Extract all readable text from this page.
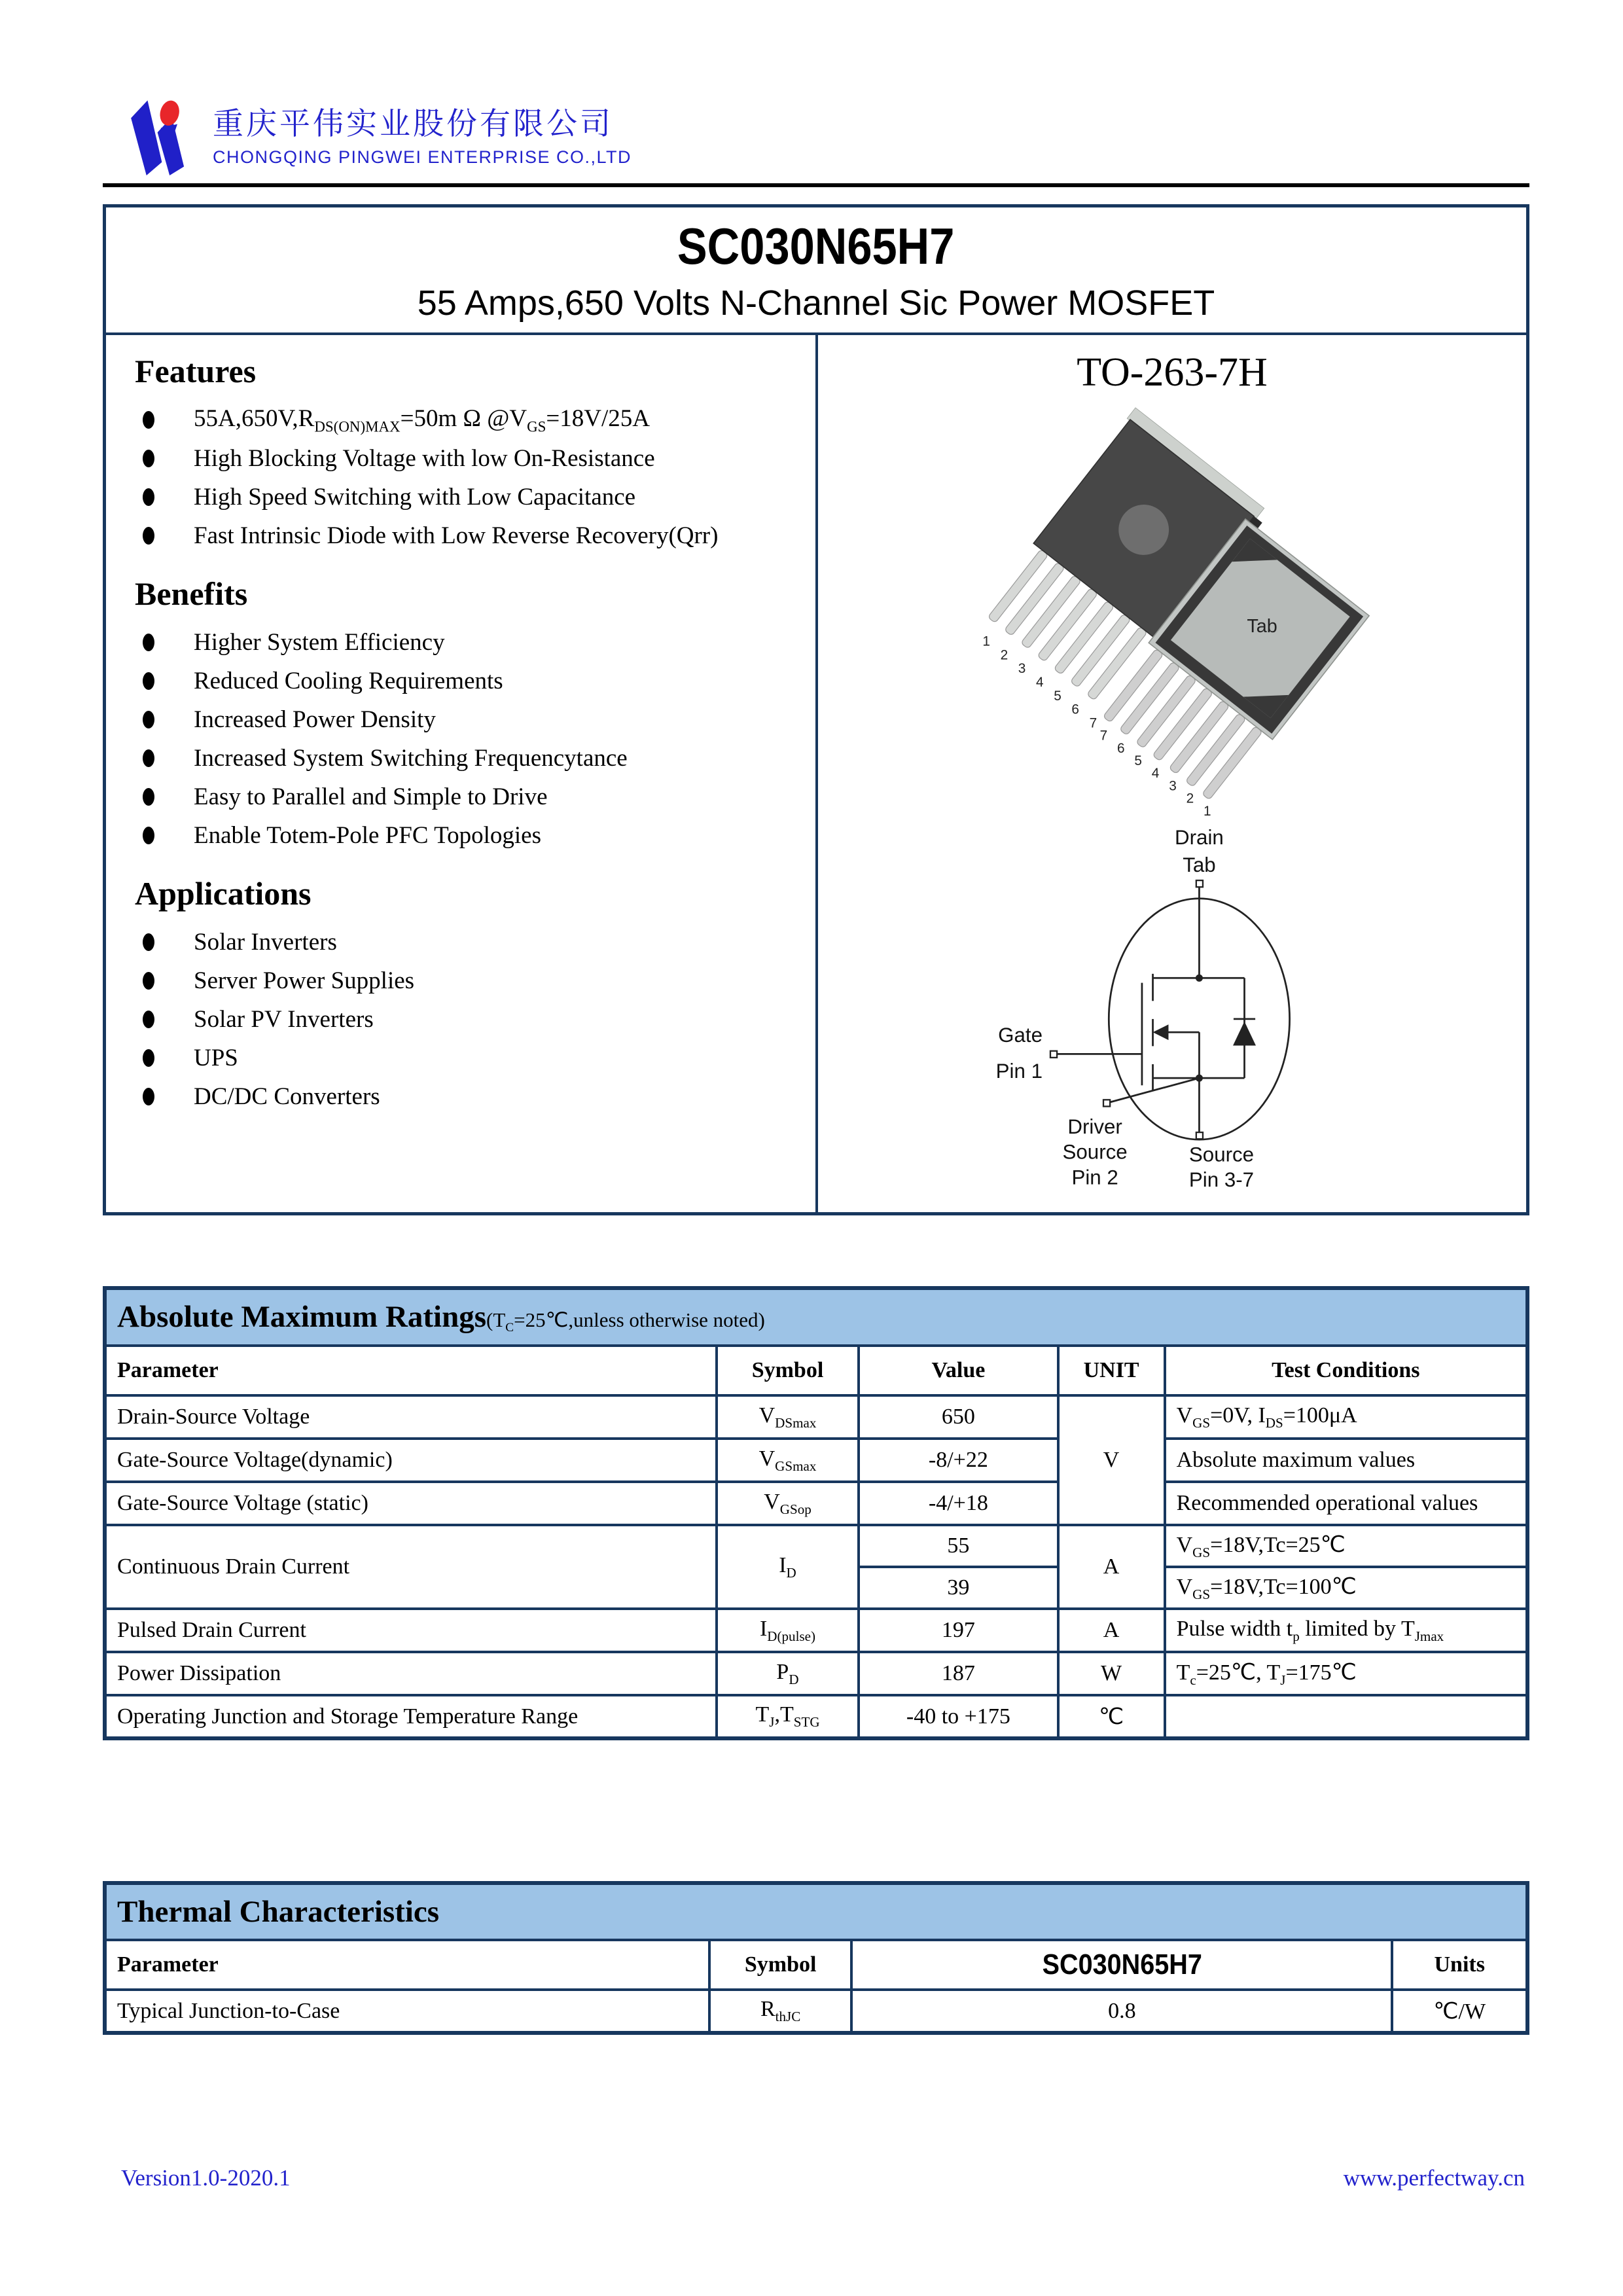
重庆平伟实业股份有限公司
CHONGQING PINGWEI ENTERPRISE CO.,LTD
SC030N65H7
55 Amps,650 Volts N-Channel Sic Power MOSFET
Features
$55A,650V,R_{DS(ON)MAX}=50m$ Ω $@V_{GS}=18V/25A$
High Blocking Voltage with low On-Resistance
High Speed Switching with Low Capacitance
Fast Intrinsic Diode with Low Reverse Recovery(Qrr)
Benefits
Higher System Efficiency
Reduced Cooling Requirements
Increased Power Density
Increased System Switching Frequencytance
Easy to Parallel and Simple to Drive
Enable Totem-Pole PFC Topologies
Applications
Solar Inverters
Server Power Supplies
Solar PV Inverters
UPS
DC/DC Converters
TO-263-7H
1
2
3
4
5
6
7
Tab
7
6
5
4
3
2
1
Drain
Tab
Gate
Pin 1
Driver
Source
Pin 2
Source
Pin 3-7
Absolute Maximum $Ratings(T_C=25℃,unless$ otherwise noted)				
Parameter	Symbol	Value	UNIT	Test Conditions
Drain-Source Voltage	$V_{DSmax}$	650	V	$V_{GS}=0V$, $I_{DS}=100\mu A$
Gate-Source Voltage(dynamic)	$V_{GSmax}$	-8/+22		Absolute maximum values
Gate-Source Voltage (static)	$V_{GSop}$	-4/+18		Recommended operational values
Continuous Drain Current	$I_D$	55	A	$V_{GS}=18V,Tc=25℃$
		39		$V_{GS}=18V,Tc=100℃$
Pulsed Drain Current	$I_{D(pulse)}$	197	A	Pulse width $t_p$ limited by $T_{Jmax}$
Power Dissipation	$P_D$	187	W	$T_c=25℃$, $T_J=175℃$
Operating Junction and Storage Temperature Range	$T_J,T_{STG}$	-40 to +175	℃	
Thermal Characteristics			
Parameter	Symbol	SC030N65H7	Units
Typical Junction-to-Case	$R_{thJC}$	0.8	℃/W
Version1.0-2020.1	www.perfectway.cn
